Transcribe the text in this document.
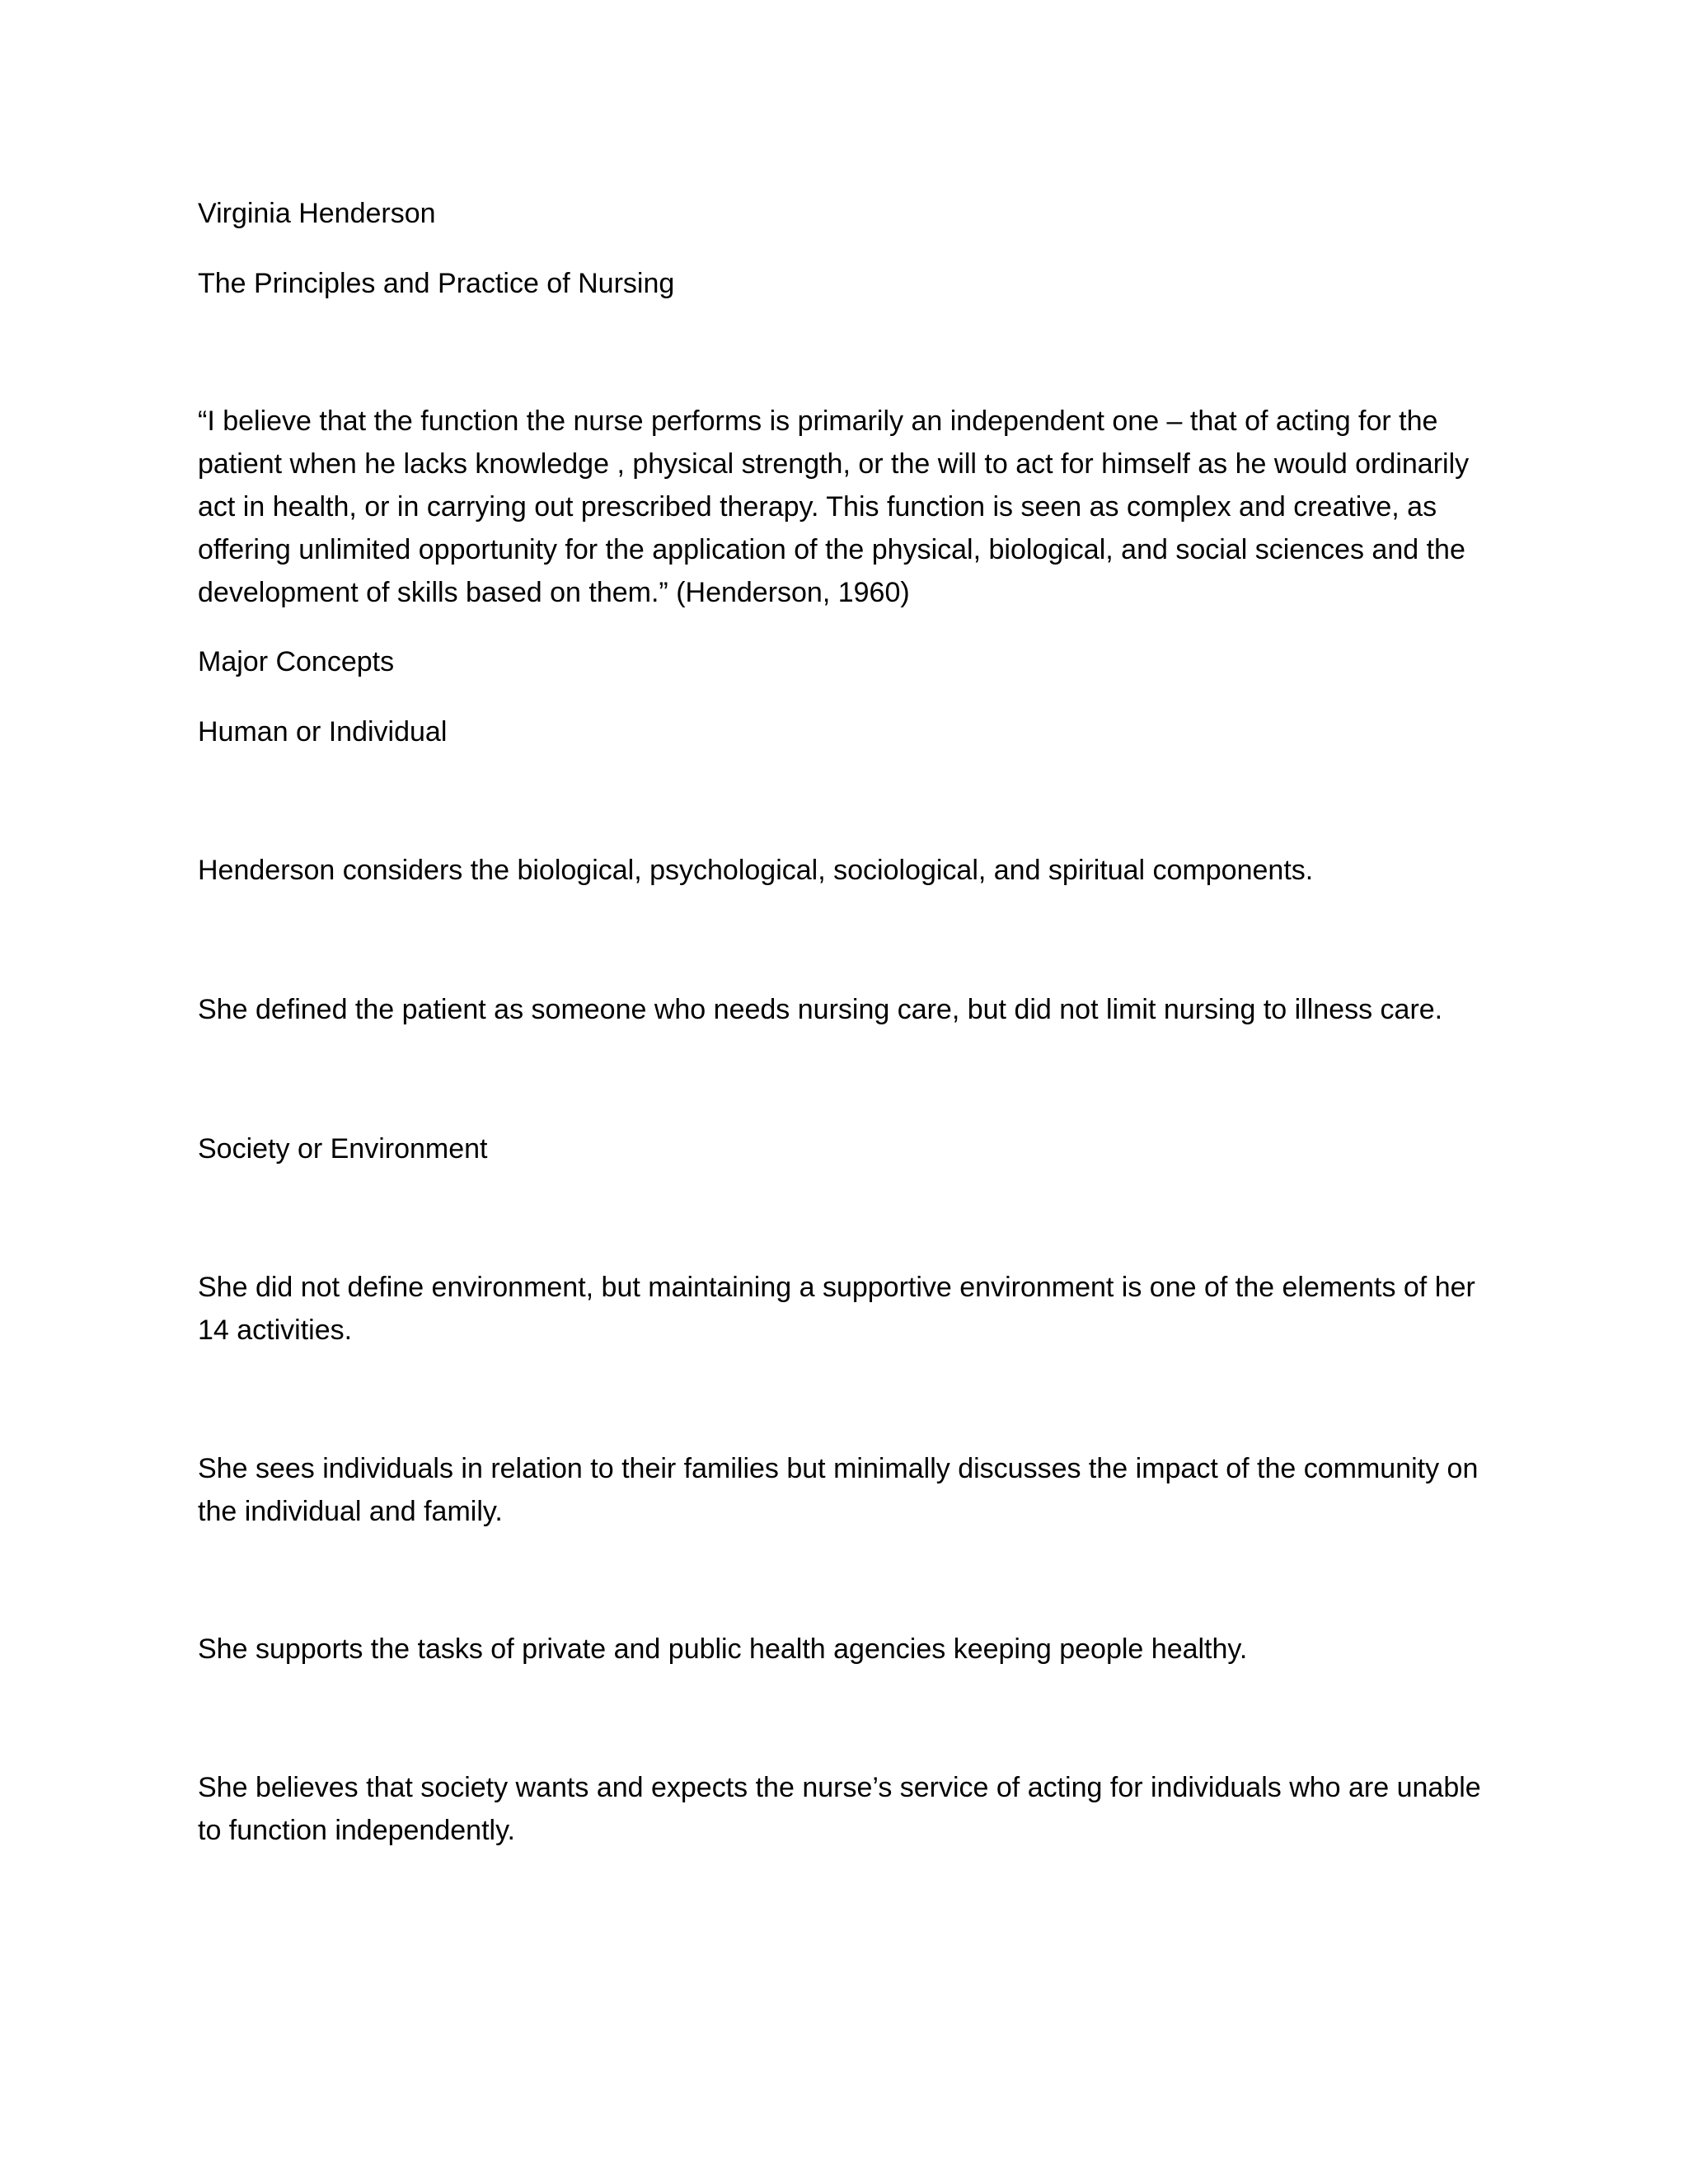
Virginia Henderson

The Principles and Practice of Nursing

“I believe that the function the nurse performs is primarily an independent one – that of acting for the
patient when he lacks knowledge , physical strength, or the will to act for himself as he would ordinarily
act in health, or in carrying out prescribed therapy. This function is seen as complex and creative, as
offering unlimited opportunity for the application of the physical, biological, and social sciences and the
development of skills based on them.” (Henderson, 1960)

Major Concepts

Human or Individual

Henderson considers the biological, psychological, sociological, and spiritual components.

She defined the patient as someone who needs nursing care, but did not limit nursing to illness care.

Society or Environment

She did not define environment, but maintaining a supportive environment is one of the elements of her
14 activities.
She sees individuals in relation to their families but minimally discusses the impact of the community on
the individual and family.

She supports the tasks of private and public health agencies keeping people healthy.

She believes that society wants and expects the nurse’s service of acting for individuals who are unable
to function independently.
